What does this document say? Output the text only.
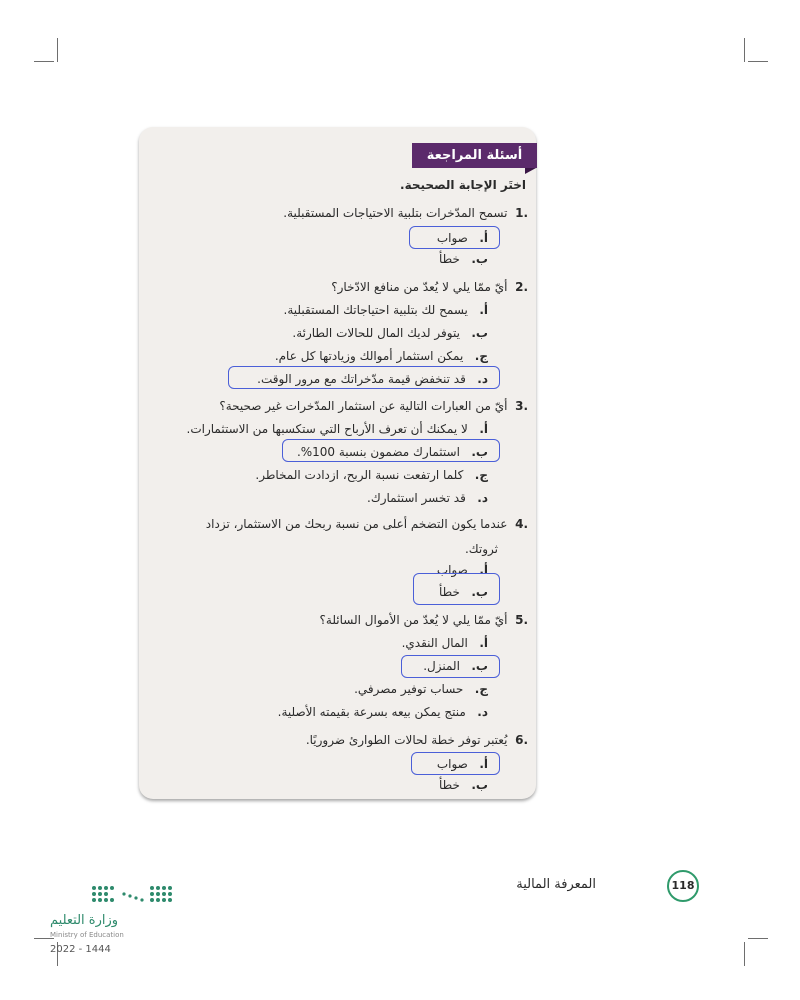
أسئلة المراجعة
اختَر الإجابة الصحيحة.
.1  تسمح المدّخرات بتلبية الاحتياجات المستقبلية.
أ.   صواب
ب.   خطأ
.2  أيّ ممّا يلي لا يُعدّ من منافع الادّخار؟
أ.   يسمح لك بتلبية احتياجاتك المستقبلية.
ب.   يتوفر لديك المال للحالات الطارئة.
ج.   يمكن استثمار أموالك وزيادتها كل عام.
د.   قد تنخفض قيمة مدّخراتك مع مرور الوقت.
.3  أيّ من العبارات التالية عن استثمار المدّخرات غير صحيحة؟
أ.   لا يمكنك أن تعرف الأرباح التي ستكسبها من الاستثمارات.
ب.   استثمارك مضمون بنسبة 100%.
ج.   كلما ارتفعت نسبة الربح، ازدادت المخاطر.
د.   قد تخسر استثمارك.
.4  عندما يكون التضخم أعلى من نسبة ربحك من الاستثمار، تزداد
ثروتك.
أ.   صواب
ب.   خطأ
.5  أيّ ممّا يلي لا يُعدّ من الأموال السائلة؟
أ.   المال النقدي.
ب.   المنزل.
ج.   حساب توفير مصرفي.
د.   منتج يمكن بيعه بسرعة بقيمته الأصلية.
.6  يُعتبر توفر خطة لحالات الطوارئ ضروريًا.
أ.   صواب
ب.   خطأ
المعرفة المالية	118
وزارة التعليم
Ministry of Education
2022 - 1444
